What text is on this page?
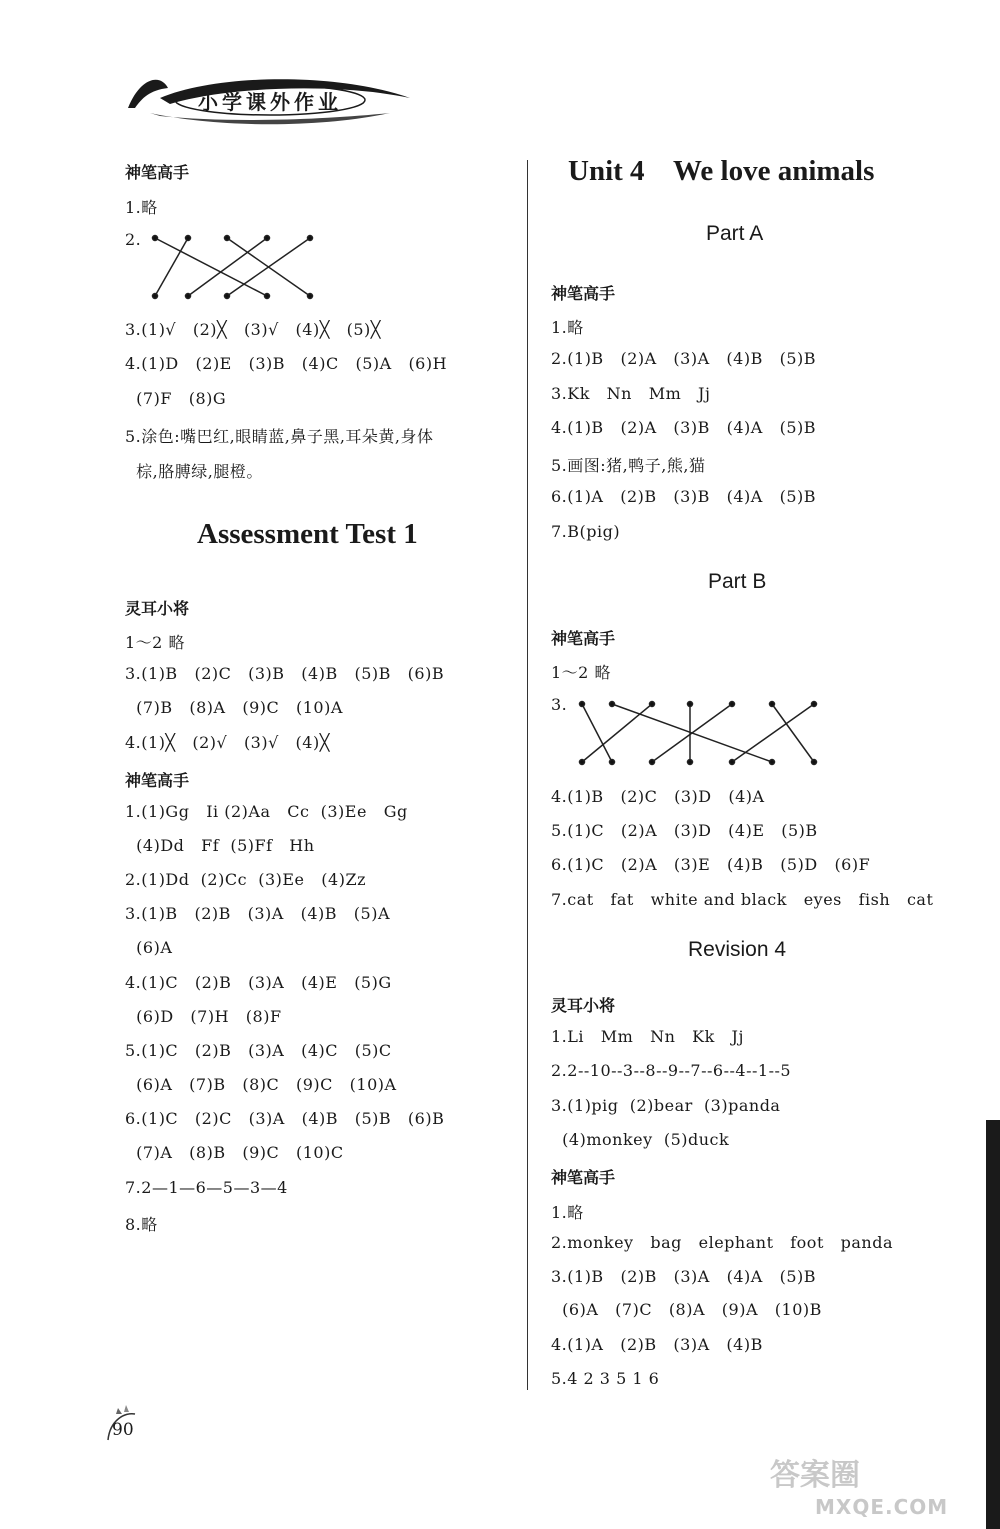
小学课外作业
神笔高手
1.略
2.
3.(1)√   (2)╳   (3)√   (4)╳   (5)╳
4.(1)D   (2)E   (3)B   (4)C   (5)A   (6)H
(7)F   (8)G
5.涂色:嘴巴红,眼睛蓝,鼻子黑,耳朵黄,身体
棕,胳膊绿,腿橙。
Assessment Test 1
灵耳小将
1～2 略
3.(1)B   (2)C   (3)B   (4)B   (5)B   (6)B
(7)B   (8)A   (9)C   (10)A
4.(1)╳   (2)√   (3)√   (4)╳
神笔高手
1.(1)Gg   Ii (2)Aa   Cc  (3)Ee   Gg
(4)Dd   Ff  (5)Ff   Hh
2.(1)Dd  (2)Cc  (3)Ee   (4)Zz
3.(1)B   (2)B   (3)A   (4)B   (5)A
(6)A
4.(1)C   (2)B   (3)A   (4)E   (5)G
(6)D   (7)H   (8)F
5.(1)C   (2)B   (3)A   (4)C   (5)C
(6)A   (7)B   (8)C   (9)C   (10)A
6.(1)C   (2)C   (3)A   (4)B   (5)B   (6)B
(7)A   (8)B   (9)C   (10)C
7.2—1—6—5—3—4
8.略
Unit 4    We love animals
Part A
神笔高手
1.略
2.(1)B   (2)A   (3)A   (4)B   (5)B
3.Kk   Nn   Mm   Jj
4.(1)B   (2)A   (3)B   (4)A   (5)B
5.画图:猪,鸭子,熊,猫
6.(1)A   (2)B   (3)B   (4)A   (5)B
7.B(pig)
Part B
神笔高手
1～2 略
3.
4.(1)B   (2)C   (3)D   (4)A
5.(1)C   (2)A   (3)D   (4)E   (5)B
6.(1)C   (2)A   (3)E   (4)B   (5)D   (6)F
7.cat   fat   white and black   eyes   fish   cat
Revision 4
灵耳小将
1.Li   Mm   Nn   Kk   Jj
2.2--10--3--8--9--7--6--4--1--5
3.(1)pig  (2)bear  (3)panda
(4)monkey  (5)duck
神笔高手
1.略
2.monkey   bag   elephant   foot   panda
3.(1)B   (2)B   (3)A   (4)A   (5)B
(6)A   (7)C   (8)A   (9)A   (10)B
4.(1)A   (2)B   (3)A   (4)B
5.4 2 3 5 1 6
90
答案圈
MXQE.COM
